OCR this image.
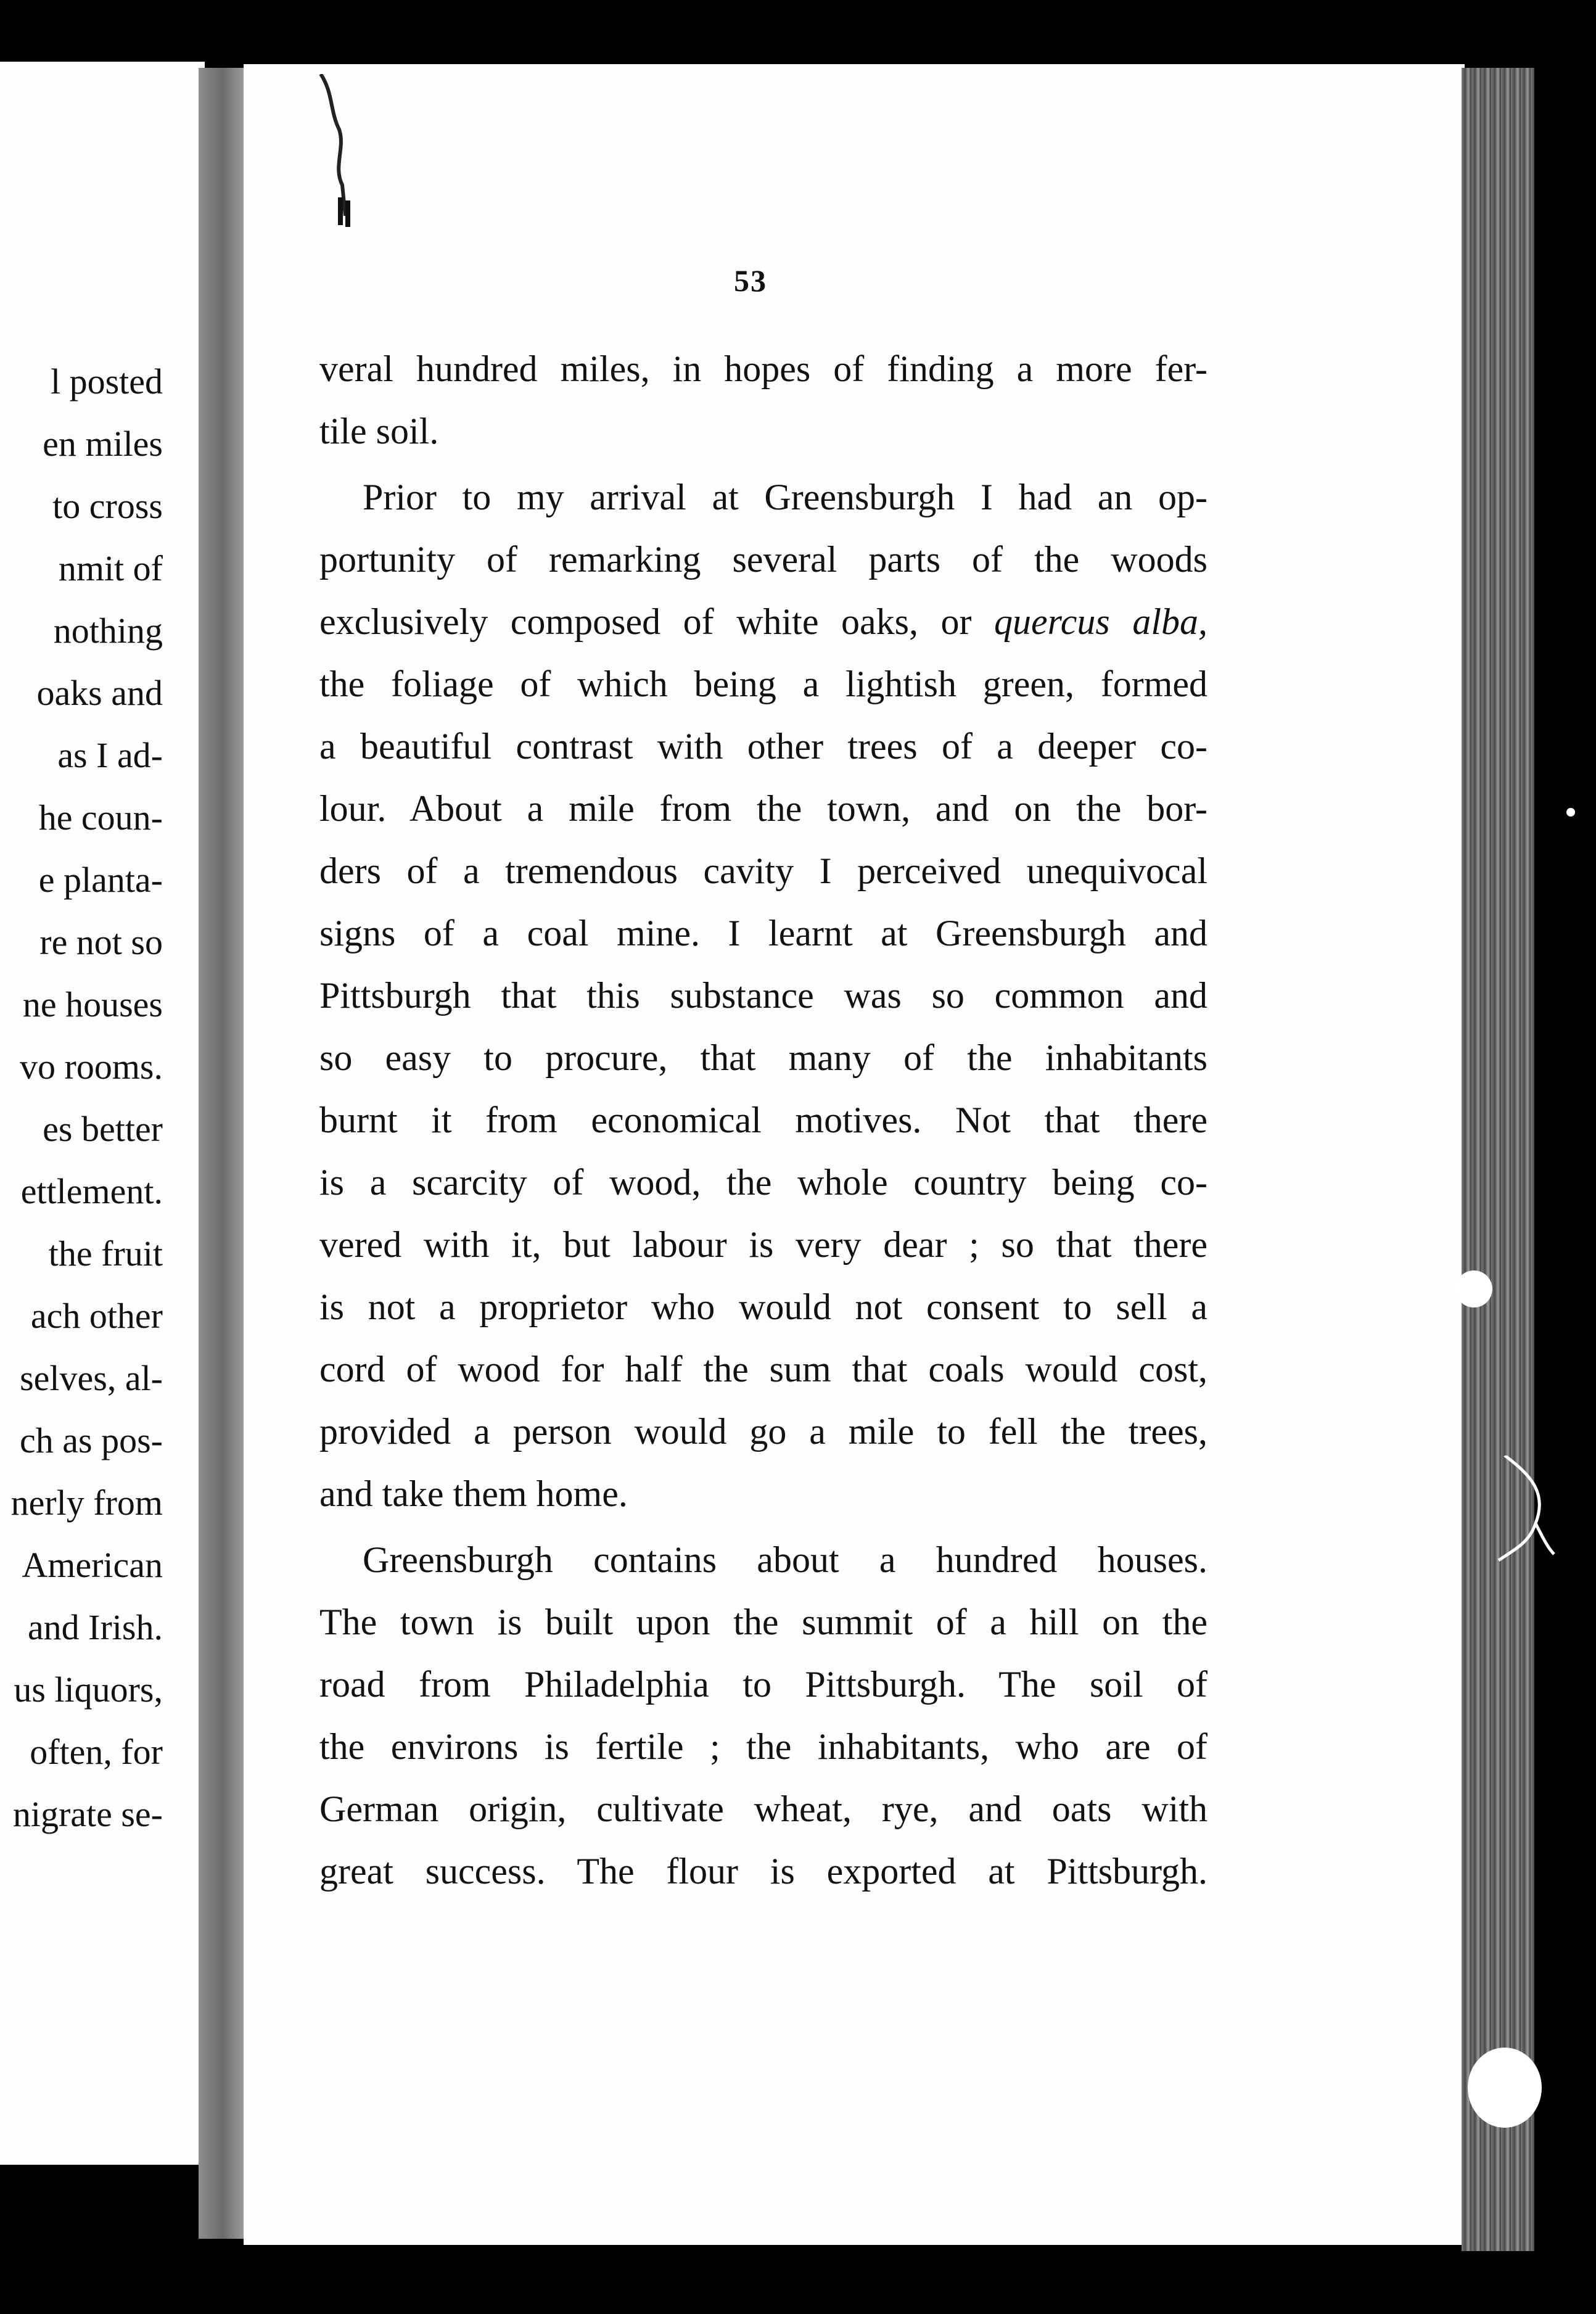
l posted
en miles
to cross
nmit of
nothing
oaks and
as I ad-
he coun-
e planta-
re not so
ne houses
vo rooms.
es better
ettlement.
the fruit
ach other
selves, al-
ch as pos-
nerly from
American
and Irish.
us liquors,
often, for
nigrate se-
53
veral hundred miles, in hopes of finding a more fer-
tile soil.
Prior to my arrival at Greensburgh I had an op-
portunity of remarking several parts of the woods
exclusively composed of white oaks, or quercus alba,
the foliage of which being a lightish green, formed
a beautiful contrast with other trees of a deeper co-
lour. About a mile from the town, and on the bor-
ders of a tremendous cavity I perceived unequivocal
signs of a coal mine. I learnt at Greensburgh and
Pittsburgh that this substance was so common and
so easy to procure, that many of the inhabitants
burnt it from economical motives. Not that there
is a scarcity of wood, the whole country being co-
vered with it, but labour is very dear ; so that there
is not a proprietor who would not consent to sell a
cord of wood for half the sum that coals would cost,
provided a person would go a mile to fell the trees,
and take them home.
Greensburgh contains about a hundred houses.
The town is built upon the summit of a hill on the
road from Philadelphia to Pittsburgh. The soil of
the environs is fertile ; the inhabitants, who are of
German origin, cultivate wheat, rye, and oats with
great success. The flour is exported at Pittsburgh.
